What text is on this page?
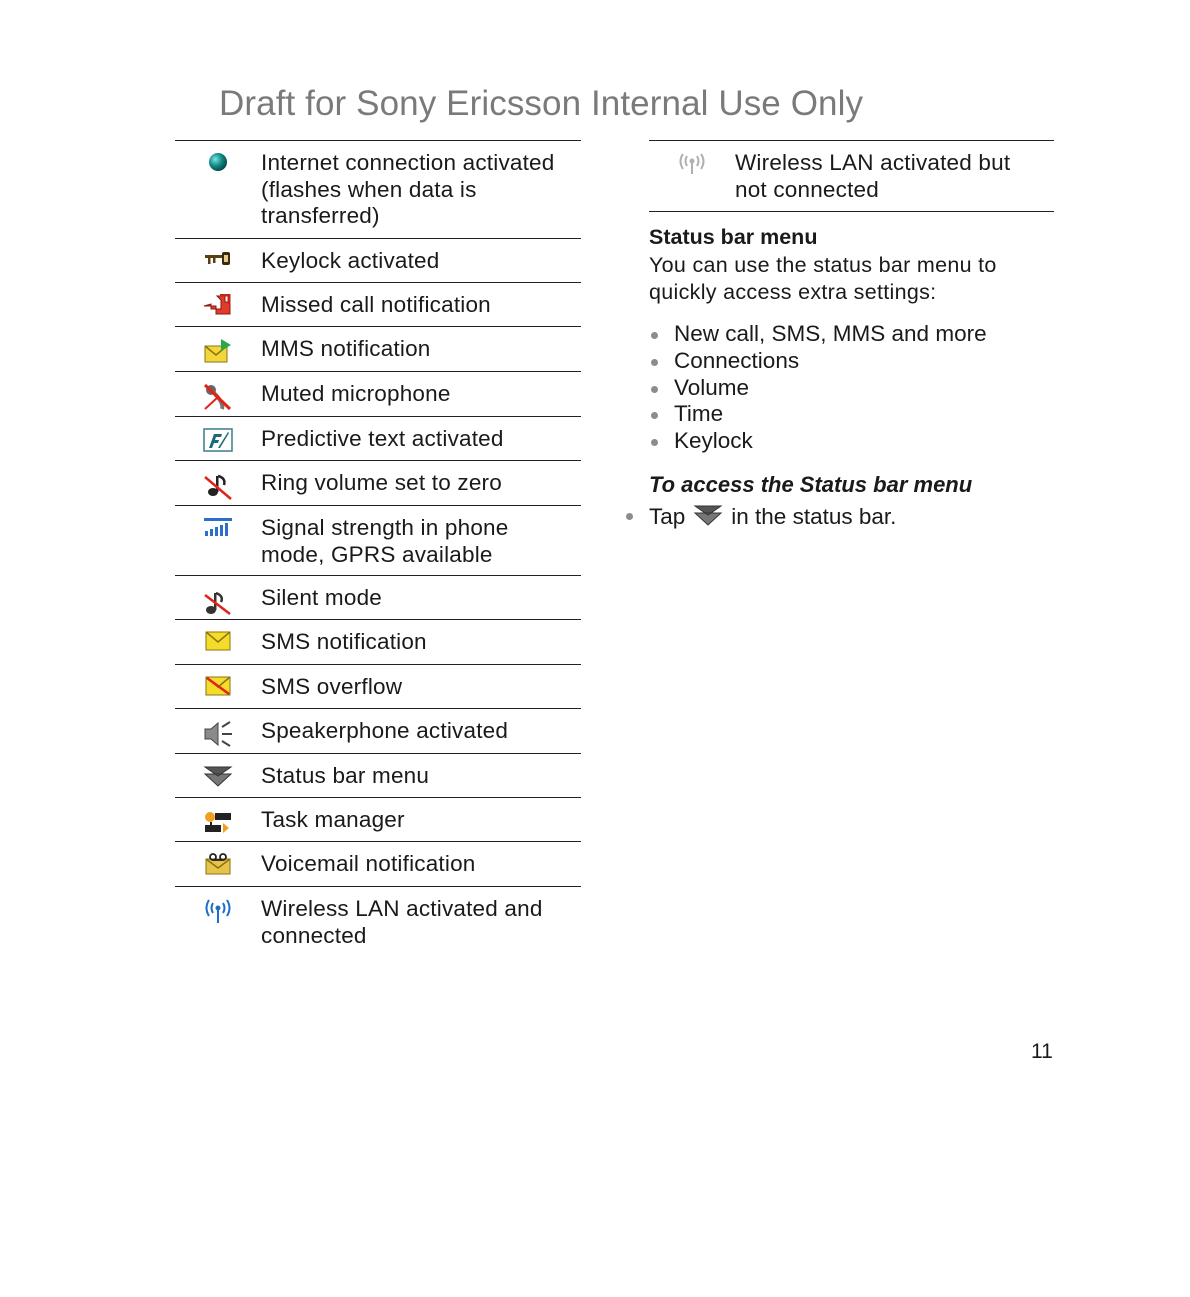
Draft for Sony Ericsson Internal Use Only
Internet connection activated
(flashes when data is
transferred)
Keylock activated
Missed call notification
MMS notification
Muted microphone
Predictive text activated
Ring volume set to zero
Signal strength in phone
mode, GPRS available
Silent mode
SMS notification
SMS overflow
Speakerphone activated
Status bar menu
Task manager
Voicemail notification
Wireless LAN activated and
connected
Wireless LAN activated but
not connected
Status bar menu
You can use the status bar menu to
quickly access extra settings:
New call, SMS, MMS and more
Connections
Volume
Time
Keylock
To access the Status bar menu
Tap in the status bar.
11
